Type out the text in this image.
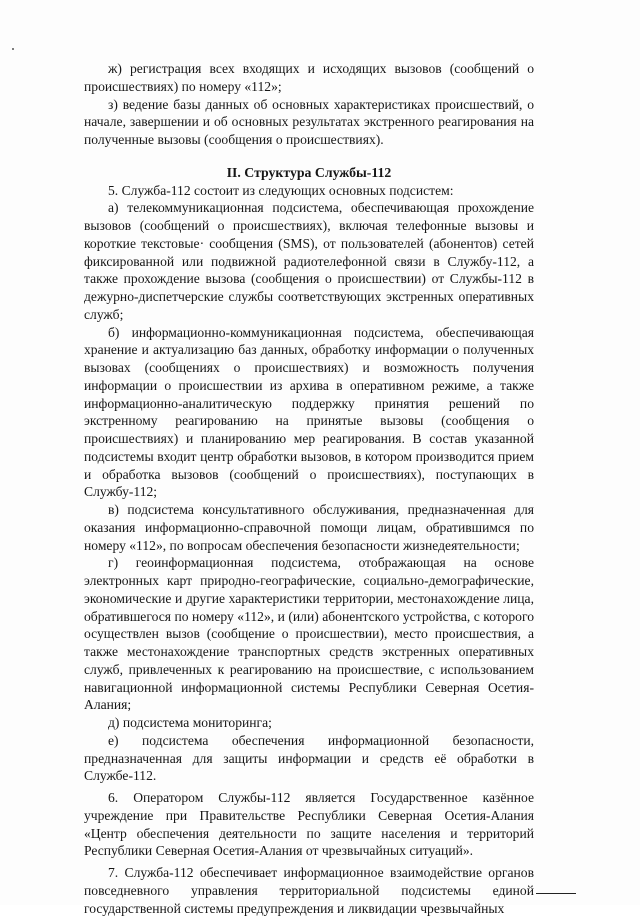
ж) регистрация всех входящих и исходящих вызовов (сообщений о происшествиях) по номеру «112»;

з) ведение базы данных об основных характеристиках происшествий, о начале, завершении и об основных результатах экстренного реагирования на полученные вызовы (сообщения о происшествиях).

II. Структура Службы-112

5. Служба-112 состоит из следующих основных подсистем:

а) телекоммуникационная подсистема, обеспечивающая прохождение вызовов (сообщений о происшествиях), включая телефонные вызовы и короткие текстовые· сообщения (SMS), от пользователей (абонентов) сетей фиксированной или подвижной радиотелефонной связи в Службу-112, а также прохождение вызова (сообщения о происшествии) от Службы-112 в дежурно-диспетчерские службы соответствующих экстренных оперативных служб;

б) информационно-коммуникационная подсистема, обеспечивающая хранение и актуализацию баз данных, обработку информации о полученных вызовах (сообщениях о происшествиях) и возможность получения информации о происшествии из архива в оперативном режиме, а также информационно-аналитическую поддержку принятия решений по экстренному реагированию на принятые вызовы (сообщения о происшествиях) и планированию мер реагирования. В состав указанной подсистемы входит центр обработки вызовов, в котором производится прием и обработка вызовов (сообщений о происшествиях), поступающих в Службу-112;

в) подсистема консультативного обслуживания, предназначенная для оказания информационно-справочной помощи лицам, обратившимся по номеру «112», по вопросам обеспечения безопасности жизнедеятельности;

г) геоинформационная подсистема, отображающая на основе электронных карт природно-географические, социально-демографические, экономические и другие характеристики территории, местонахождение лица, обратившегося по номеру «112», и (или) абонентского устройства, с которого осуществлен вызов (сообщение о происшествии), место происшествия, а также местонахождение транспортных средств экстренных оперативных служб, привлеченных к реагированию на происшествие, с использованием навигационной информационной системы Республики Северная Осетия-Алания;

д) подсистема мониторинга;

е) подсистема обеспечения информационной безопасности, предназначенная для защиты информации и средств её обработки в Службе-112.

6. Оператором Службы-112 является Государственное казённое учреждение при Правительстве Республики Северная Осетия-Алания «Центр обеспечения деятельности по защите населения и территорий Республики Северная Осетия-Алания от чрезвычайных ситуаций».

7. Служба-112 обеспечивает информационное взаимодействие органов повседневного управления территориальной подсистемы единой государственной системы предупреждения и ликвидации чрезвычайных
